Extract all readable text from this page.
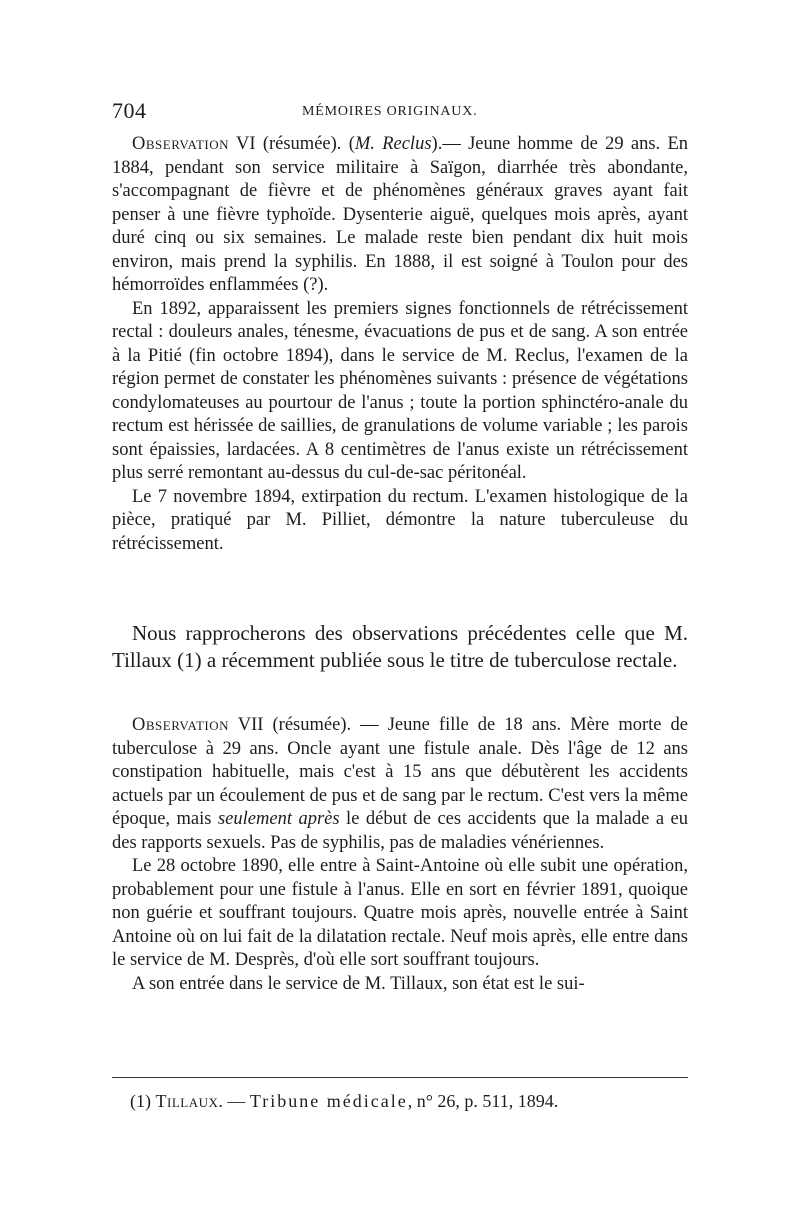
704	MÉMOIRES ORIGINAUX.

Observation VI (résumée). (M. Reclus).— Jeune homme de 29 ans. En 1884, pendant son service militaire à Saïgon, diarrhée très abondante, s'accompagnant de fièvre et de phénomènes généraux graves ayant fait penser à une fièvre typhoïde. Dysenterie aiguë, quelques mois après, ayant duré cinq ou six semaines. Le malade reste bien pendant dix huit mois environ, mais prend la syphilis. En 1888, il est soigné à Toulon pour des hémorroïdes enflammées (?).

En 1892, apparaissent les premiers signes fonctionnels de rétrécissement rectal : douleurs anales, ténesme, évacuations de pus et de sang. A son entrée à la Pitié (fin octobre 1894), dans le service de M. Reclus, l'examen de la région permet de constater les phénomènes suivants : présence de végétations condylomateuses au pourtour de l'anus ; toute la portion sphinctéro-anale du rectum est hérissée de saillies, de granulations de volume variable ; les parois sont épaissies, lardacées. A 8 centimètres de l'anus existe un rétrécissement plus serré remontant au-dessus du cul-de-sac péritonéal.

Le 7 novembre 1894, extirpation du rectum. L'examen histologique de la pièce, pratiqué par M. Pilliet, démontre la nature tuberculeuse du rétrécissement.

Nous rapprocherons des observations précédentes celle que M. Tillaux (1) a récemment publiée sous le titre de tuberculose rectale.

Observation VII (résumée). — Jeune fille de 18 ans. Mère morte de tuberculose à 29 ans. Oncle ayant une fistule anale. Dès l'âge de 12 ans constipation habituelle, mais c'est à 15 ans que débutèrent les accidents actuels par un écoulement de pus et de sang par le rectum. C'est vers la même époque, mais seulement après le début de ces accidents que la malade a eu des rapports sexuels. Pas de syphilis, pas de maladies vénériennes.

Le 28 octobre 1890, elle entre à Saint-Antoine où elle subit une opération, probablement pour une fistule à l'anus. Elle en sort en février 1891, quoique non guérie et souffrant toujours. Quatre mois après, nouvelle entrée à Saint Antoine où on lui fait de la dilatation rectale. Neuf mois après, elle entre dans le service de M. Desprès, d'où elle sort souffrant toujours.

A son entrée dans le service de M. Tillaux, son état est le sui-

(1) Tillaux. — Tribune médicale, n° 26, p. 511, 1894.
